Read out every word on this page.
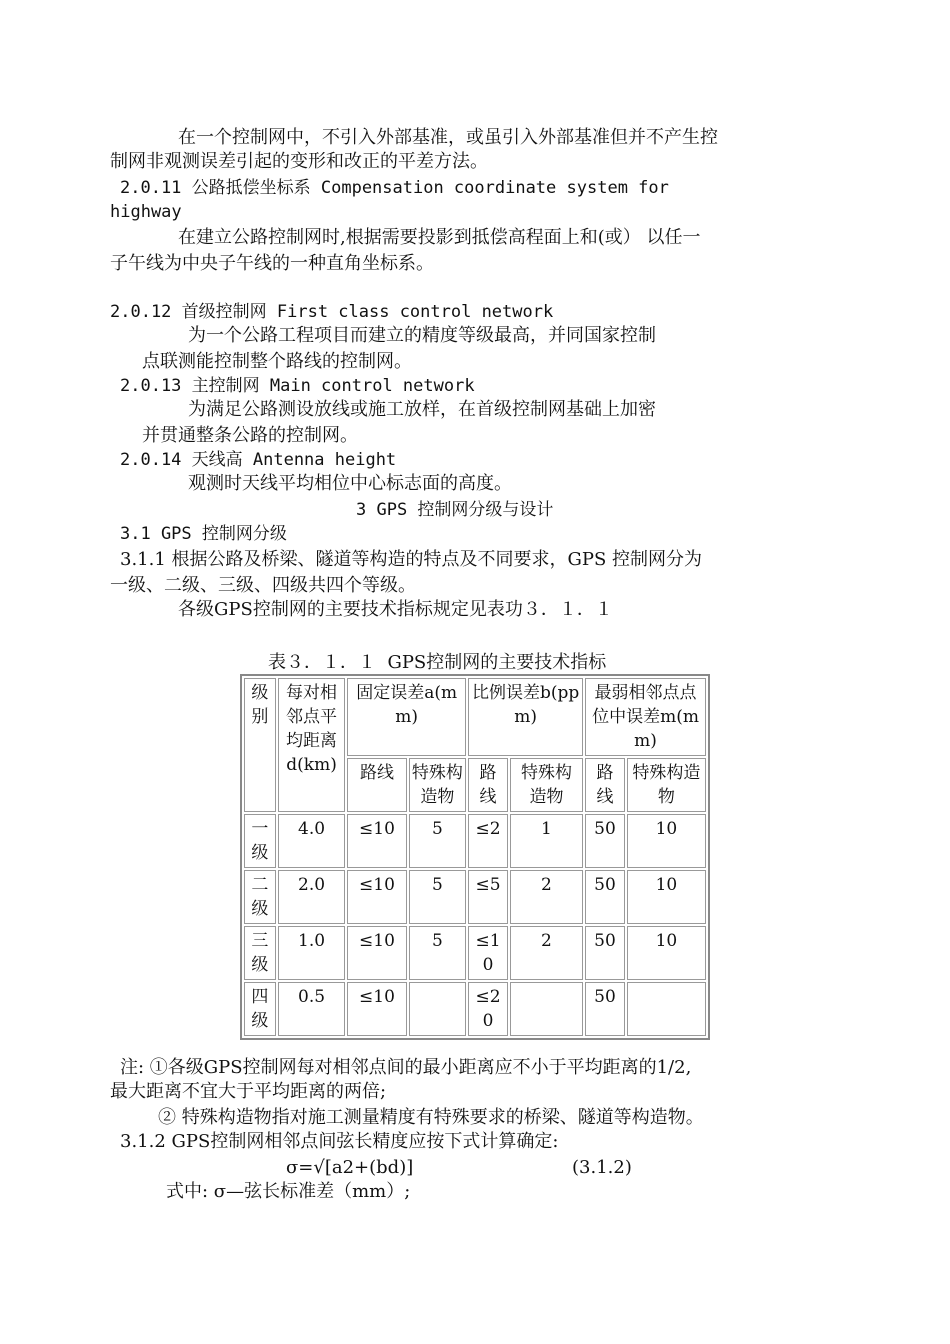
在一个控制网中，不引入外部基准，或虽引入外部基准但并不产生控
制网非观测误差引起的变形和改正的平差方法。
2.0.11 公路抵偿坐标系 Compensation coordinate system for
highway
在建立公路控制网时,根据需要投影到抵偿高程面上和(或） 以任一
子午线为中央子午线的一种直角坐标系。
2.0.12 首级控制网 First class control network
为一个公路工程项目而建立的精度等级最高，并同国家控制
点联测能控制整个路线的控制网。
2.0.13 主控制网 Main control network
为满足公路测设放线或施工放样，在首级控制网基础上加密
并贯通整条公路的控制网。
2.0.14 天线高 Antenna height
观测时天线平均相位中心标志面的高度。
3 GPS 控制网分级与设计
3.1 GPS 控制网分级
3.1.1 根据公路及桥梁、隧道等构造的特点及不同要求，GPS 控制网分为
一级、二级、三级、四级共四个等级。
各级GPS控制网的主要技术指标规定见表功３．１．１
表３．１．１  GPS控制网的主要技术指标
级别	每对相邻点平均距离d(km)	固定误差a(mm)		比例误差b(ppm)		最弱相邻点点位中误差m(mm)	
		路线	特殊构造物	路线	特殊构造物	路线	特殊构造物
一级	4.0	≤10	5	≤2	1	50	10
二级	2.0	≤10	5	≤5	2	50	10
三级	1.0	≤10	5	≤10	2	50	10
四级	0.5	≤10		≤20		50	
注: ①各级GPS控制网每对相邻点间的最小距离应不小于平均距离的1/2,
最大距离不宜大于平均距离的两倍;
② 特殊构造物指对施工测量精度有特殊要求的桥梁、隧道等构造物。
3.1.2 GPS控制网相邻点间弦长精度应按下式计算确定:
σ=√[a2+(bd)]	(3.1.2)
式中: σ—弦长标准差（mm）;
